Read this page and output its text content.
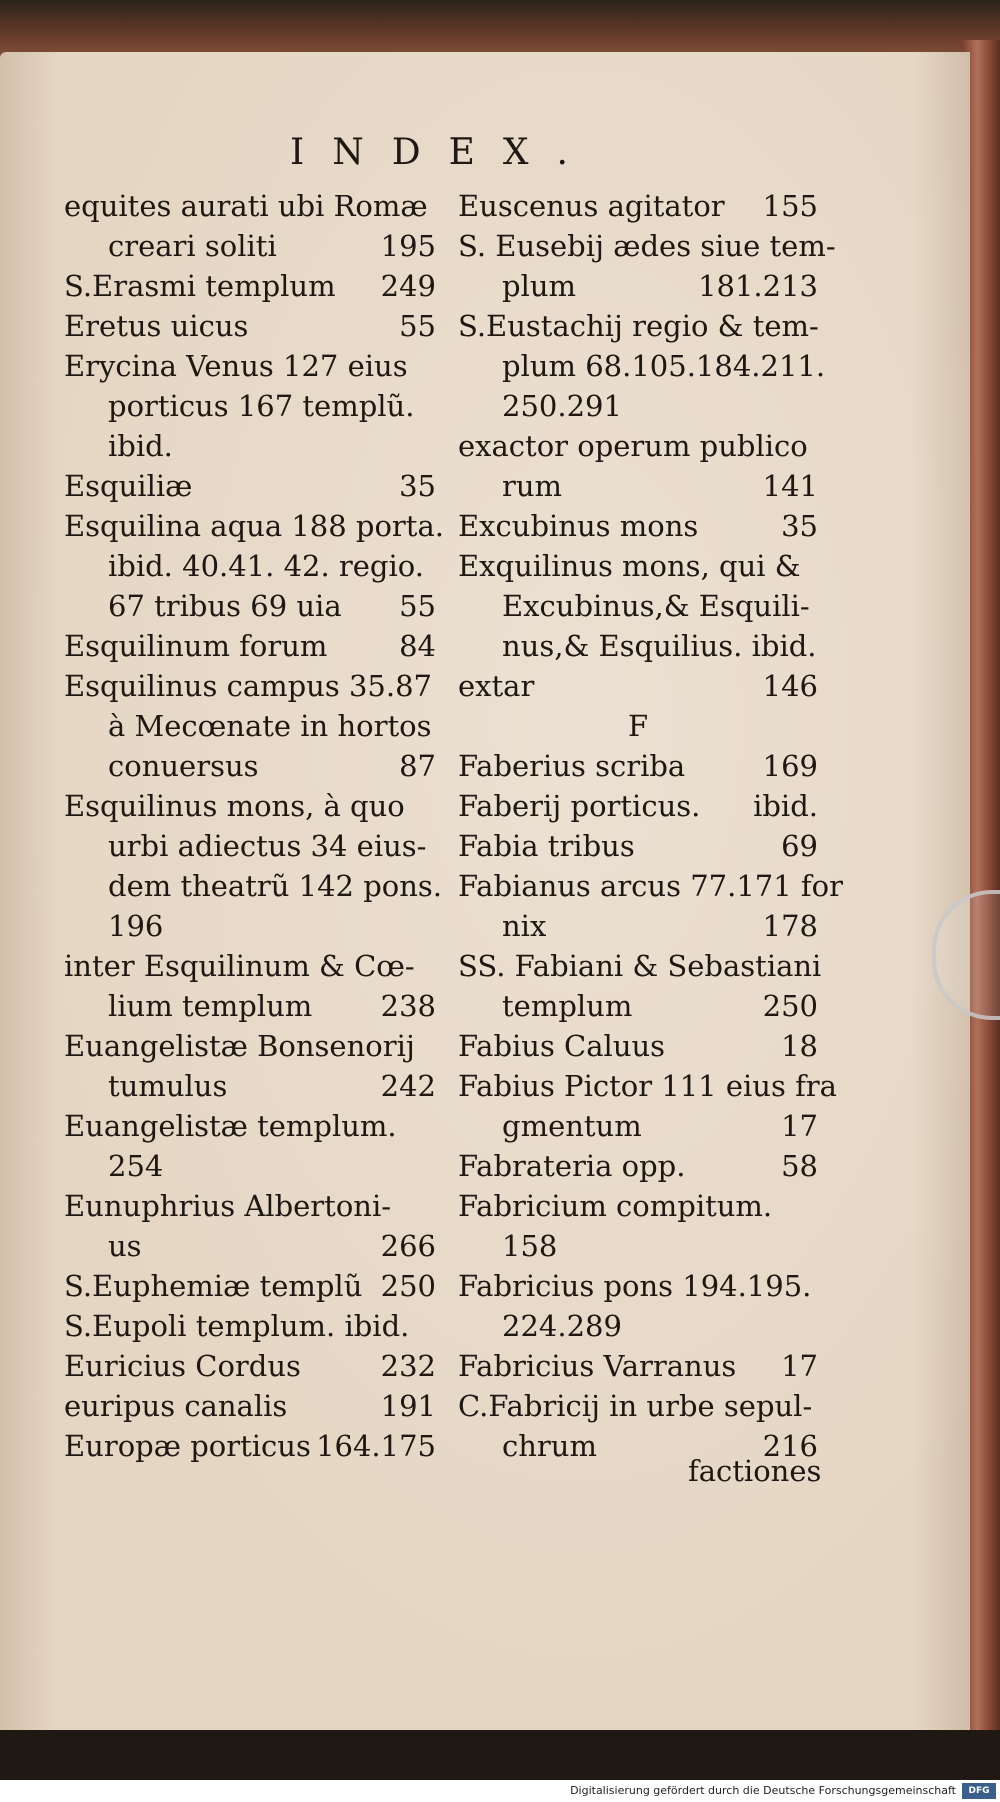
INDEX.
equites aurati ubi Romæ
creari soliti	195
S.Erasmi templum 249
Eretus uicus	55
Erycina Venus 127 eius
porticus 167 templũ.
ibid.
Esquiliæ	35
Esquilina aqua 188 porta.
ibid. 40.41. 42. regio.
67 tribus 69 uia 55
Esquilinum forum 84
Esquilinus campus 35.87
à Mecœnate in hortos
conuersus	87
Esquilinus mons, à quo
urbi adiectus 34 eius-
dem theatrũ 142 pons.
196
inter Esquilinum & Cœ-
lium templum 238
Euangelistæ Bonsenorij
tumulus	242
Euangelistæ templum.
254
Eunuphrius Albertoni-
us	266
S.Euphemiæ templũ 250
S.Eupoli templum. ibid.
Euricius Cordus	232
euripus canalis	191
Europæ porticus 164.175
Euscenus agitator 155
S. Eusebij ædes siue tem-
plum	181.213
S.Eustachij regio & tem-
plum 68.105.184.211.
250.291
exactor operum publico
rum	141
Excubinus mons	35
Exquilinus mons, qui &
Excubinus,& Esquili-
nus,& Esquilius. ibid.
extar	146
F
Faberius scriba	169
Faberij porticus. ibid.
Fabia tribus	69
Fabianus arcus 77.171 for
nix	178
SS. Fabiani & Sebastiani
templum	250
Fabius Caluus	18
Fabius Pictor 111 eius fra
gmentum	17
Fabrateria opp.	58
Fabricium compitum.
158
Fabricius pons 194.195.
224.289
Fabricius Varranus 17
C.Fabricij in urbe sepul-
chrum	216
factiones
Digitalisierung gefördert durch die Deutsche Forschungsgemeinschaft	DFG
